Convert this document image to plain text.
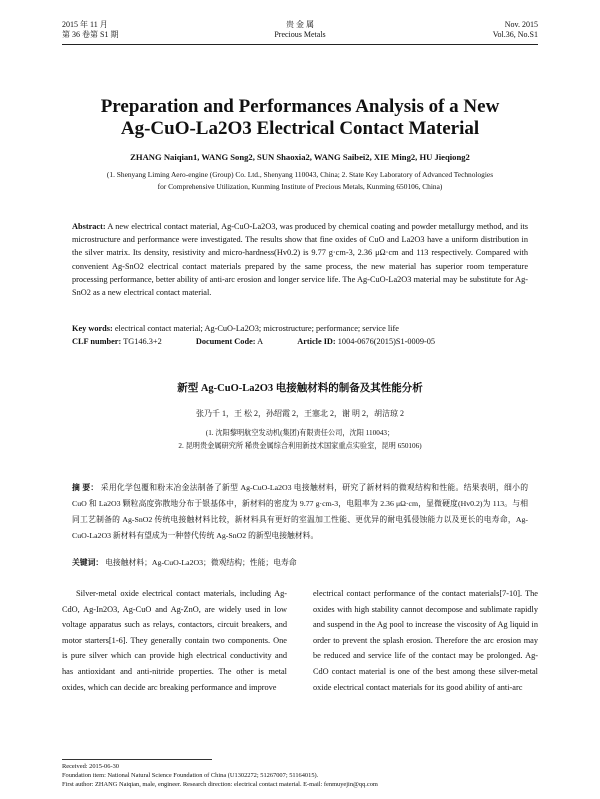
2015 年 11 月
第 36 卷第 S1 期
贵 金 属
Precious Metals
Nov. 2015
Vol.36, No.S1
Preparation and Performances Analysis of a New
Ag-CuO-La2O3 Electrical Contact Material
ZHANG Naiqian1, WANG Song2, SUN Shaoxia2, WANG Saibei2, XIE Ming2, HU Jieqiong2
(1. Shenyang Liming Aero-engine (Group) Co. Ltd., Shenyang 110043, China; 2. State Key Laboratory of Advanced Technologies
for Comprehensive Utilization, Kunming Institute of Precious Metals, Kunming 650106, China)
Abstract: A new electrical contact material, Ag-CuO-La2O3, was produced by chemical coating and powder metallurgy method, and its microstructure and performance were investigated. The results show that fine oxides of CuO and La2O3 have a uniform distribution in the silver matrix. Its density, resistivity and micro-hardness(Hv0.2) is 9.77 g·cm-3, 2.36 μΩ·cm and 113 respectively. Compared with convenient Ag-SnO2 electrical contact materials prepared by the same process, the new material has superior room temperature processing performance, better ability of anti-arc erosion and longer service life. The Ag-CuO-La2O3 material may be substitute for Ag-SnO2 as a new electrical contact material.
Key words: electrical contact material; Ag-CuO-La2O3; microstructure; performance; service life
CLF number: TG146.3+2	Document Code: A	Article ID: 1004-0676(2015)S1-0009-05
新型 Ag-CuO-La2O3 电接触材料的制备及其性能分析
张乃千 1，王 松 2，孙绍霞 2，王塞北 2，谢 明 2，胡洁琼 2
(1. 沈阳黎明航空发动机(集团)有限责任公司，沈阳 110043；
2. 昆明贵金属研究所 稀贵金属综合利用新技术国家重点实验室，昆明 650106)
摘 要： 采用化学包覆和粉末冶金法制备了新型 Ag-CuO-La2O3 电接触材料，研究了新材料的微观结构和性能。结果表明，细小的 CuO 和 La2O3 颗粒高度弥散地分布于银基体中，新材料的密度为 9.77 g·cm-3，电阻率为 2.36 μΩ·cm，显微硬度(Hv0.2)为 113。与相同工艺制备的 Ag-SnO2 传统电接触材料比较，新材料具有更好的室温加工性能、更优异的耐电弧侵蚀能力以及更长的电寿命，Ag-CuO-La2O3 新材料有望成为一种替代传统 Ag-SnO2 的新型电接触材料。
关键词： 电接触材料；Ag-CuO-La2O3；微观结构；性能；电寿命
Silver-metal oxide electrical contact materials, including Ag-CdO, Ag-In2O3, Ag-CuO and Ag-ZnO, are widely used in low voltage apparatus such as relays, contactors, circuit breakers, and motor starters[1-6]. They generally contain two components. One is pure silver which can provide high electrical conductivity and has antioxidant and anti-nitride properties. The other is metal oxides, which can decide arc breaking performance and improve
electrical contact performance of the contact materials[7-10]. The oxides with high stability cannot decompose and sublimate rapidly and suspend in the Ag pool to increase the viscosity of Ag liquid in order to prevent the splash erosion. Therefore the arc erosion may be reduced and service life of the contact may be prolonged. Ag-CdO contact material is one of the best among these silver-metal oxide electrical contact materials for its good ability of anti-arc
Received: 2015-06-30
Foundation item: National Natural Science Foundation of China (U1302272; 51267007; 51164015).
First author: ZHANG Naiqian, male, engineer. Research direction: electrical contact material. E-mail: fenmuyejin@qq.com
